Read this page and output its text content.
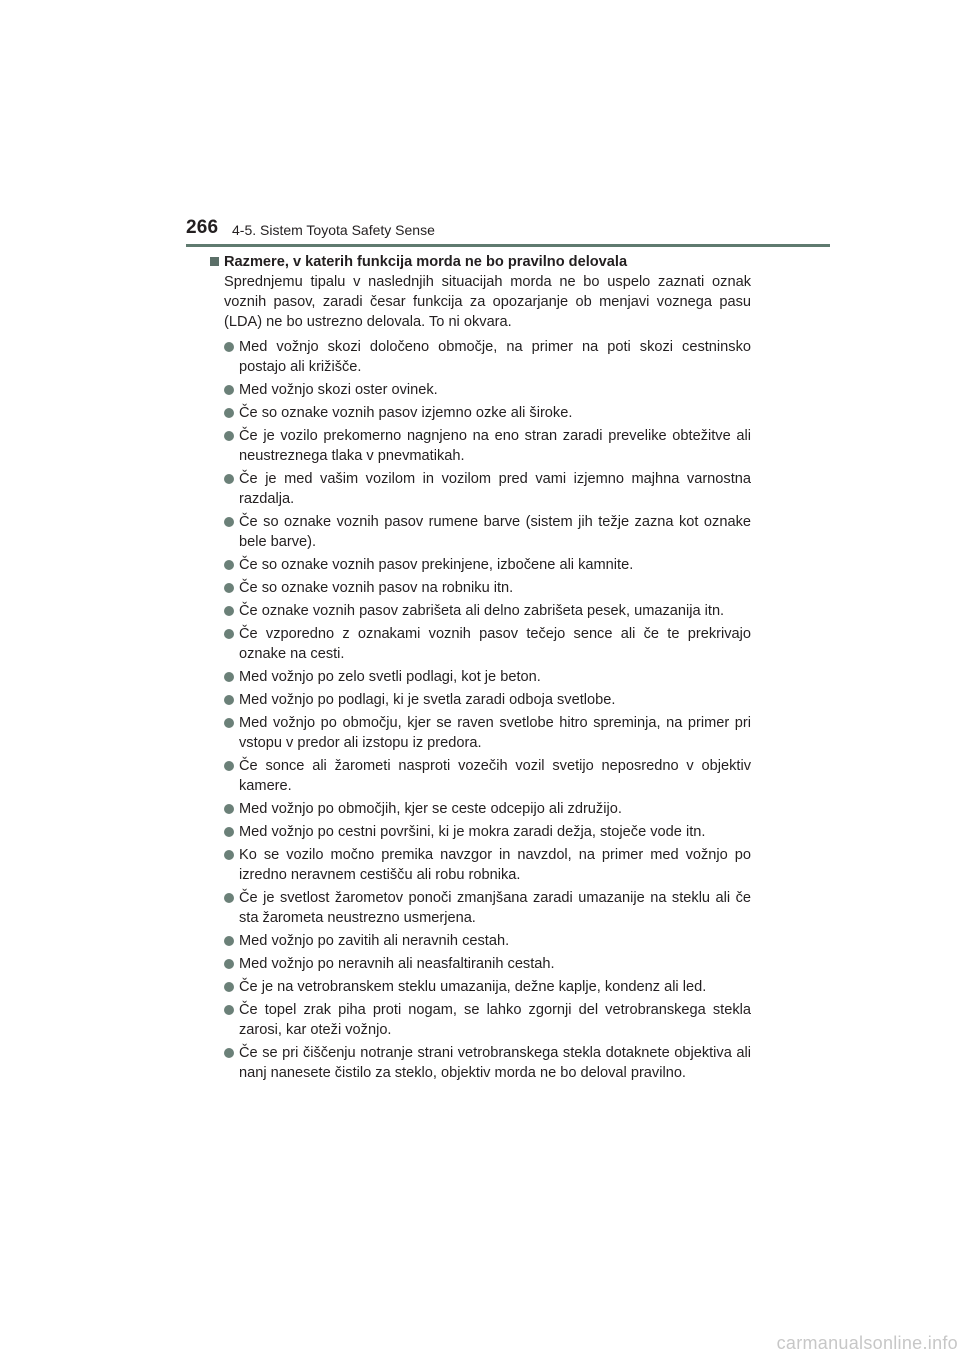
266 4-5. Sistem Toyota Safety Sense
Razmere, v katerih funkcija morda ne bo pravilno delovala

Sprednjemu tipalu v naslednjih situacijah morda ne bo uspelo zaznati oznak voznih pasov, zaradi česar funkcija za opozarjanje ob menjavi voznega pasu (LDA) ne bo ustrezno delovala. To ni okvara.

Med vožnjo skozi določeno območje, na primer na poti skozi cestninsko postajo ali križišče.
Med vožnjo skozi oster ovinek.
Če so oznake voznih pasov izjemno ozke ali široke.
Če je vozilo prekomerno nagnjeno na eno stran zaradi prevelike obtežitve ali neustreznega tlaka v pnevmatikah.
Če je med vašim vozilom in vozilom pred vami izjemno majhna varnostna razdalja.
Če so oznake voznih pasov rumene barve (sistem jih težje zazna kot oznake bele barve).
Če so oznake voznih pasov prekinjene, izbočene ali kamnite.
Če so oznake voznih pasov na robniku itn.
Če oznake voznih pasov zabrišeta ali delno zabrišeta pesek, umazanija itn.
Če vzporedno z oznakami voznih pasov tečejo sence ali če te prekrivajo oznake na cesti.
Med vožnjo po zelo svetli podlagi, kot je beton.
Med vožnjo po podlagi, ki je svetla zaradi odboja svetlobe.
Med vožnjo po območju, kjer se raven svetlobe hitro spreminja, na primer pri vstopu v predor ali izstopu iz predora.
Če sonce ali žarometi nasproti vozečih vozil svetijo neposredno v objektiv kamere.
Med vožnjo po območjih, kjer se ceste odcepijo ali združijo.
Med vožnjo po cestni površini, ki je mokra zaradi dežja, stoječe vode itn.
Ko se vozilo močno premika navzgor in navzdol, na primer med vožnjo po izredno neravnem cestišču ali robu robnika.
Če je svetlost žarometov ponoči zmanjšana zaradi umazanije na steklu ali če sta žarometa neustrezno usmerjena.
Med vožnjo po zavitih ali neravnih cestah.
Med vožnjo po neravnih ali neasfaltiranih cestah.
Če je na vetrobranskem steklu umazanija, dežne kaplje, kondenz ali led.
Če topel zrak piha proti nogam, se lahko zgornji del vetrobranskega stekla zarosi, kar oteži vožnjo.
Če se pri čiščenju notranje strani vetrobranskega stekla dotaknete objektiva ali nanj nanesete čistilo za steklo, objektiv morda ne bo deloval pravilno.
carmanualsonline.info
